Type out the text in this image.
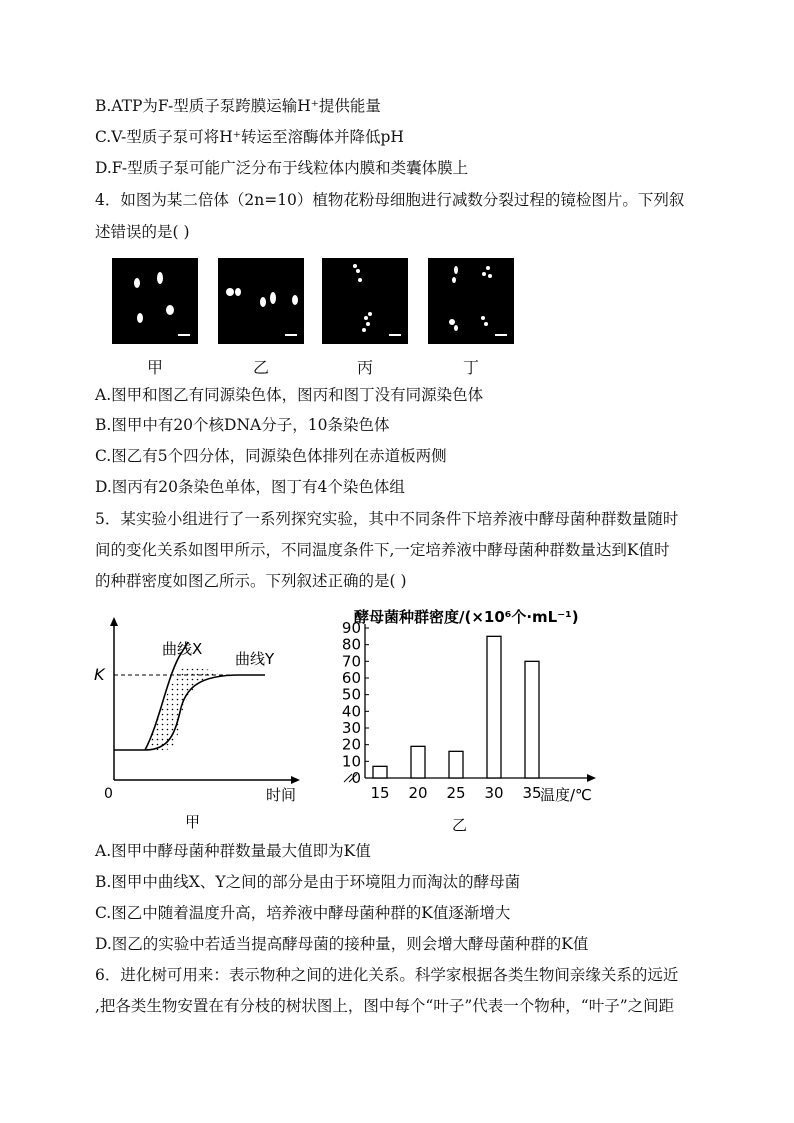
B.ATP为F-型质子泵跨膜运输H⁺提供能量
C.V-型质子泵可将H⁺转运至溶酶体并降低pH
D.F-型质子泵可能广泛分布于线粒体内膜和类囊体膜上
4．如图为某二倍体（2n=10）植物花粉母细胞进行减数分裂过程的镜检图片。下列叙
述错误的是( )
甲	乙	丙	丁
A.图甲和图乙有同源染色体，图丙和图丁没有同源染色体
B.图甲中有20个核DNA分子，10条染色体
C.图乙有5个四分体，同源染色体排列在赤道板两侧
D.图丙有20条染色单体，图丁有4个染色体组
5．某实验小组进行了一系列探究实验，其中不同条件下培养液中酵母菌种群数量随时
间的变化关系如图甲所示，不同温度条件下,一定培养液中酵母菌种群数量达到K值时
的种群密度如图乙所示。下列叙述正确的是( )
曲线X
曲线Y
K
0	时间
甲
酵母菌种群密度/(×10⁶个·mL⁻¹)
0
10
20
30
40
50
60
70
80
90
15 20 25 30 35
温度/℃
乙
A.图甲中酵母菌种群数量最大值即为K值
B.图甲中曲线X、Y之间的部分是由于环境阻力而淘汰的酵母菌
C.图乙中随着温度升高，培养液中酵母菌种群的K值逐渐增大
D.图乙的实验中若适当提高酵母菌的接种量，则会增大酵母菌种群的K值
6．进化树可用来：表示物种之间的进化关系。科学家根据各类生物间亲缘关系的远近
,把各类生物安置在有分枝的树状图上，图中每个“叶子”代表一个物种，“叶子”之间距
